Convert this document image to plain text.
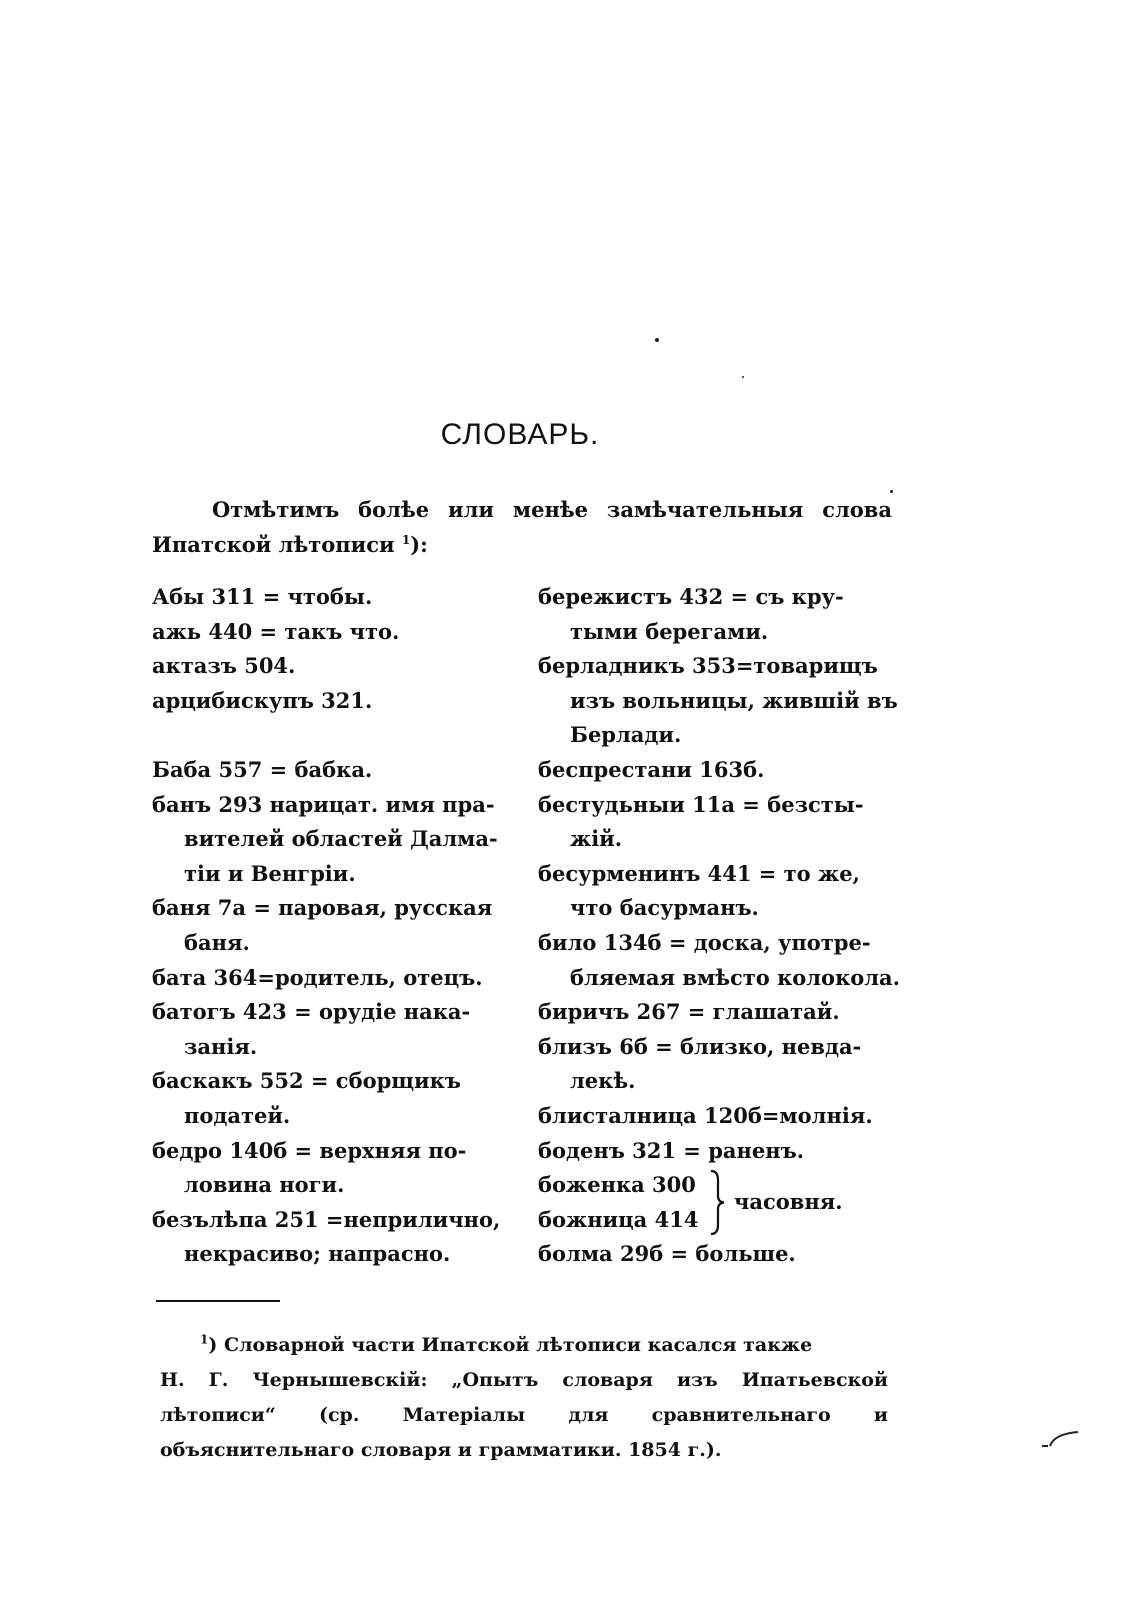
СЛОВАРЬ.
Отмѣтимъ болѣе или менѣе замѣчательныя слова
Ипатской лѣтописи $^1$):
Абы 311 = чтобы.
ажь 440 = такъ что.
актазъ 504.
арцибискупъ 321.
Баба 557 = бабка.
банъ 293 нарицат. имя пра-
вителей областей Далма-
тіи и Венгріи.
баня 7а = паровая, русская
баня.
бата 364=родитель, отецъ.
батогъ 423 = орудіе нака-
занія.
баскакъ 552 = сборщикъ
податей.
бедро 140б = верхняя по-
ловина ноги.
безълѣпа 251 =неприлично,
некрасиво; напрасно.
бережистъ 432 = съ кру-
тыми берегами.
берладникъ 353=товарищъ
изъ вольницы, жившій въ
Берлади.
беспрестани 163б.
бестудьныи 11а = безсты-
жій.
бесурменинъ 441 = то же,
что басурманъ.
било 134б = доска, употре-
бляемая вмѣсто колокола.
биричъ 267 = глашатай.
близъ 6б = близко, невда-
лекѣ.
блисталница 120б=молнія.
боденъ 321 = раненъ.
боженка 300
божница 414
часовня.
болма 29б = больше.
$^1$) Словарной части Ипатской лѣтописи касался также
Н. Г. Чернышевскій: „Опытъ словаря изъ Ипатьевской лѣтописи“ (ср. Матеріалы для сравнительнаго и объяснительнаго словаря и грамматики. 1854 г.).
